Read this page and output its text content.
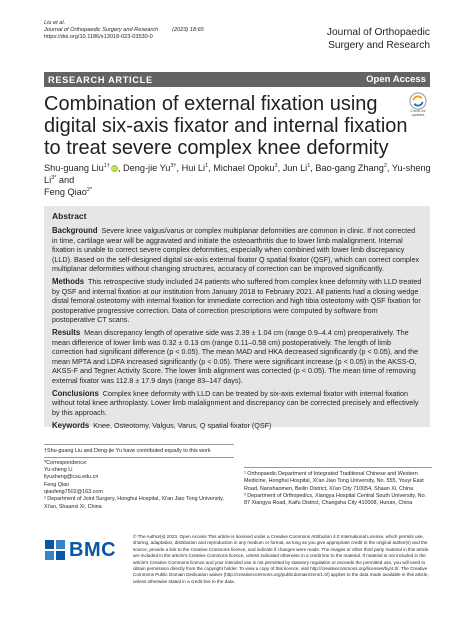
Liu et al.
Journal of Orthopaedic Surgery and Research	(2023) 18:65
https://doi.org/10.1186/s13018-023-03530-0	Journal of Orthopaedic
Surgery and Research
RESEARCH ARTICLE	Open Access
Check for updates
Combination of external fixation using digital six-axis fixator and internal fixation to treat severe complex knee deformity
Shu-guang Liu$^{1\dagger}$ iD, Deng-jie $Yu^{3\dagger}$, Hui Li$^1$, Michael Opoku$^3$, Jun Li$^1$, Bao-gang Zhang$^2$, Yu-sheng $Li^{3*}$ and
Feng Qiao$^{2*}$
Abstract

Background Severe knee valgus/varus or complex multiplanar deformities are common in clinic. If not corrected in time, cartilage wear will be aggravated and initiate the osteoarthritis due to lower limb malalignment. Internal fixation is unable to correct severe complex deformities, especially when combined with lower limb discrepancy (LLD). Based on the self-designed digital six-axis external fixator Q spatial fixator (QSF), which can correct complex multiplanar deformities without changing structures, accuracy of correction can be improved significantly.

Methods This retrospective study included 24 patients who suffered from complex knee deformity with LLD treated by QSF and internal fixation at our institution from January 2018 to February 2021. All patients had a closing wedge distal femoral osteotomy with internal fixation for immediate correction and high tibia osteotomy with QSF fixation for postoperative progressive correction. Data of correction prescriptions were computed by software from postoperative CT scans.

Results Mean discrepancy length of operative side was 2.39 ± 1.04 cm (range 0.9–4.4 cm) preoperatively. The mean difference of lower limb was 0.32 ± 0.13 cm (range 0.11–0.58 cm) postoperatively. The length of limb correction had significant difference (p < 0.05). The mean MAD and HKA decreased significantly (p < 0.05), and the mean MPTA and LDFA increased significantly (p < 0.05). There were significant increase (p < 0.05) in the AKSS-O, AKSS-F and Tegner Activity Score. The lower limb alignment was corrected (p < 0.05). The mean time of removing external fixator was 112.8 ± 17.9 days (range 83–147 days).

Conclusions Complex knee deformity with LLD can be treated by six-axis external fixator with internal fixation without total knee arthroplasty. Lower limb malalignment and discrepancy can be corrected precisely and effectively by this approach.

Keywords Knee, Osteotomy, Valgus, Varus, Q spatial fixator (QSF)

†Shu-guang Liu and Deng-jie Yu have contributed equally to this work
*Correspondence:
Yu-sheng Li
liyusheng@csu.edu.cn
Feng Qiao
qiaofeng7502@163.com
² Department of Joint Surgery, Honghui Hospital, Xi'an Jiao Tong University, Xi'an, Shaanxi Xi, China

¹ Orthopaedic Department of Integrated Traditional Chinese and Western Medicine, Honghui Hospital, Xi'an Jiao Tong University, No. 555, Youyi East Road, Nanshaomen, Beilin District, Xi'an City 710054, Shaan Xi, China

³ Department of Orthopedics, Xiangya Hospital Central South University, No. 87 Xiangya Road, Kaifu District, Changsha City 410008, Hunan, China

BMC
© The Author(s) 2023. Open Access This article is licensed under a Creative Commons Attribution 4.0 International License, which permits use, sharing, adaptation, distribution and reproduction in any medium or format, as long as you give appropriate credit to the original author(s) and the source, provide a link to the Creative Commons licence, and indicate if changes were made. The images or other third party material in this article are included in the article's Creative Commons licence, unless indicated otherwise in a credit line to the material. If material is not included in the article's Creative Commons licence and your intended use is not permitted by statutory regulation or exceeds the permitted use, you will need to obtain permission directly from the copyright holder. To view a copy of this licence, visit http://creativecommons.org/licenses/by/4.0/. The Creative Commons Public Domain Dedication waiver (http://creativecommons.org/publicdomain/zero/1.0/) applies to the data made available in this article, unless otherwise stated in a credit line to the data.
